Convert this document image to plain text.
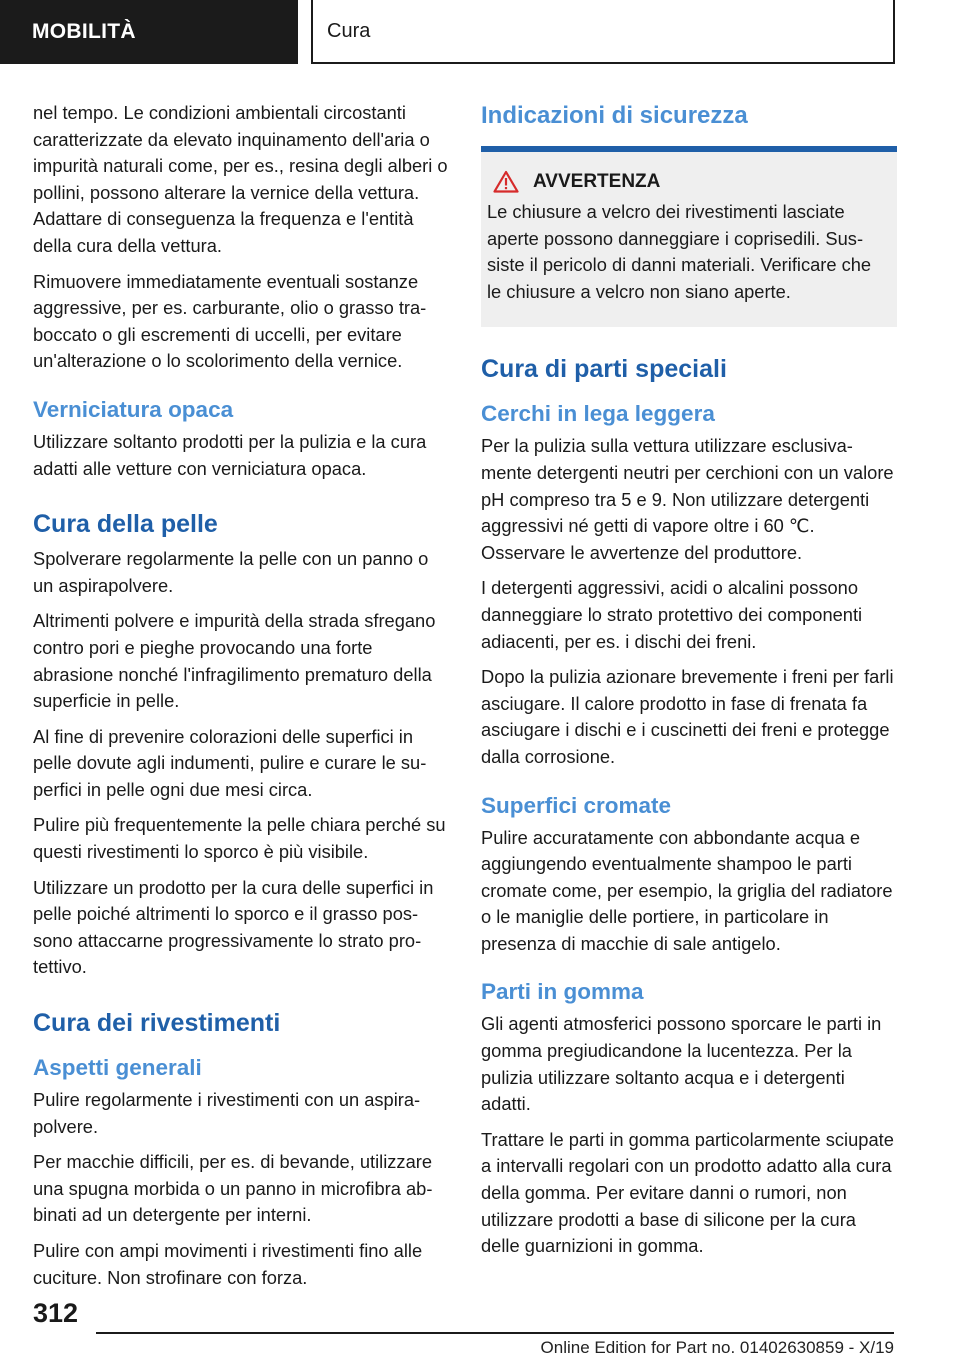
MOBILITÀ	Cura

nel tempo. Le condizioni ambientali circostanti caratterizzate da elevato inquinamento dell'aria o impurità naturali come, per es., resina degli alberi o pollini, possono alterare la vernice della vettura. Adattare di conseguenza la frequenza e l'entità della cura della vettura.

Rimuovere immediatamente eventuali sostanze aggressive, per es. carburante, olio o grasso traboccato o gli escrementi di uccelli, per evitare un'alterazione o lo scolorimento della vernice.

Verniciatura opaca

Utilizzare soltanto prodotti per la pulizia e la cura adatti alle vetture con verniciatura opaca.

Cura della pelle

Spolverare regolarmente la pelle con un panno o un aspirapolvere.

Altrimenti polvere e impurità della strada sfregano contro pori e pieghe provocando una forte abrasione nonché l'infragilimento prematuro della superficie in pelle.

Al fine di prevenire colorazioni delle superfici in pelle dovute agli indumenti, pulire e curare le superfici in pelle ogni due mesi circa.

Pulire più frequentemente la pelle chiara perché su questi rivestimenti lo sporco è più visibile.

Utilizzare un prodotto per la cura delle superfici in pelle poiché altrimenti lo sporco e il grasso possono attaccarne progressivamente lo strato protettivo.

Cura dei rivestimenti
Aspetti generali

Pulire regolarmente i rivestimenti con un aspirapolvere.

Per macchie difficili, per es. di bevande, utilizzare una spugna morbida o un panno in microfibra abbinati ad un detergente per interni.

Pulire con ampi movimenti i rivestimenti fino alle cuciture. Non strofinare con forza.

Indicazioni di sicurezza
AVVERTENZA

Le chiusure a velcro dei rivestimenti lasciate aperte possono danneggiare i coprisedili. Sussiste il pericolo di danni materiali. Verificare che le chiusure a velcro non siano aperte.

Cura di parti speciali
Cerchi in lega leggera

Per la pulizia sulla vettura utilizzare esclusivamente detergenti neutri per cerchioni con un valore pH compreso tra 5 e 9. Non utilizzare detergenti aggressivi né getti di vapore oltre i 60 ℃. Osservare le avvertenze del produttore.

I detergenti aggressivi, acidi o alcalini possono danneggiare lo strato protettivo dei componenti adiacenti, per es. i dischi dei freni.

Dopo la pulizia azionare brevemente i freni per farli asciugare. Il calore prodotto in fase di frenata fa asciugare i dischi e i cuscinetti dei freni e protegge dalla corrosione.

Superfici cromate

Pulire accuratamente con abbondante acqua e aggiungendo eventualmente shampoo le parti cromate come, per esempio, la griglia del radiatore o le maniglie delle portiere, in particolare in presenza di macchie di sale antigelo.

Parti in gomma

Gli agenti atmosferici possono sporcare le parti in gomma pregiudicandone la lucentezza. Per la pulizia utilizzare soltanto acqua e i detergenti adatti.

Trattare le parti in gomma particolarmente sciupate a intervalli regolari con un prodotto adatto alla cura della gomma. Per evitare danni o rumori, non utilizzare prodotti a base di silicone per la cura delle guarnizioni in gomma.

312
Online Edition for Part no. 01402630859 - X/19
